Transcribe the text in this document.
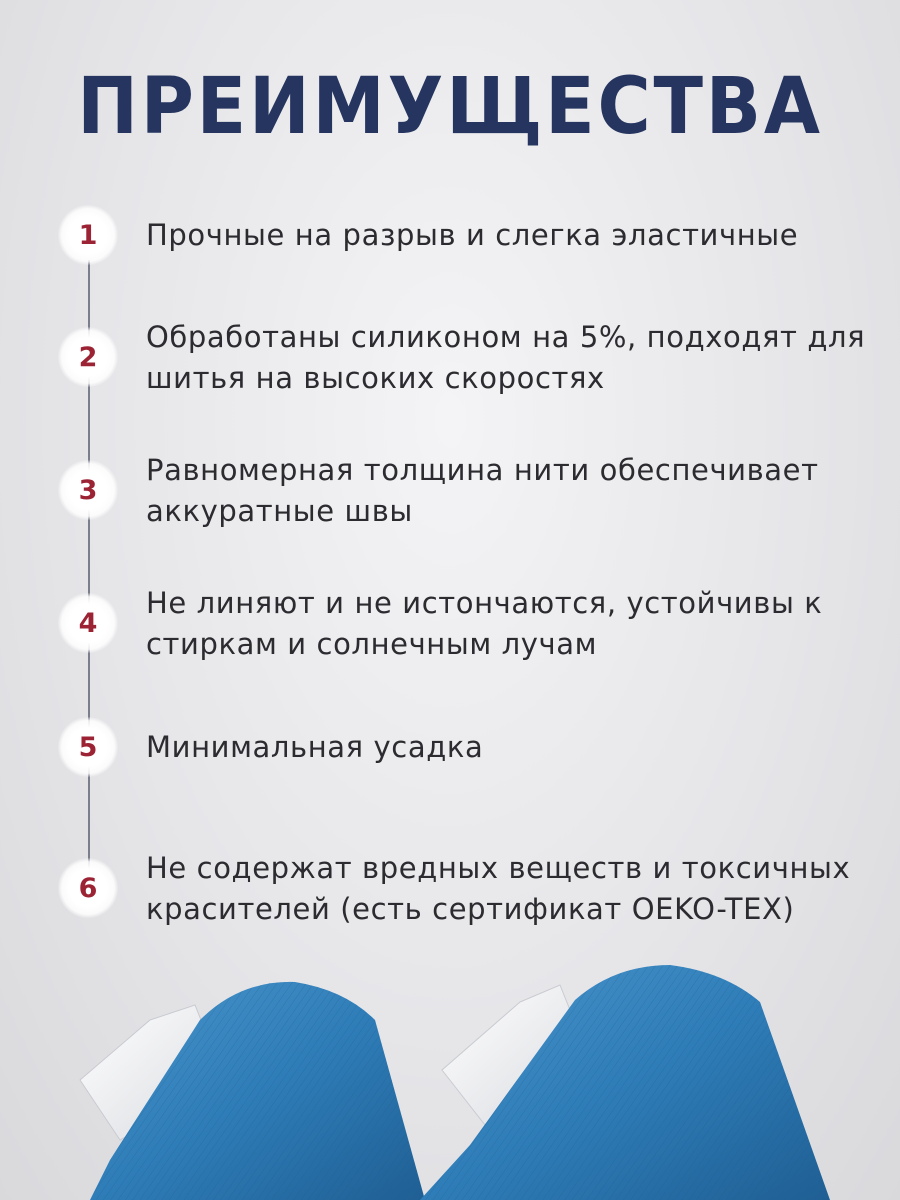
ПРЕИМУЩЕСТВА
1 Прочные на разрыв и слегка эластичные
2
Обработаны силиконом на 5%, подходят для шитья на высоких скоростях
3
Равномерная толщина нити обеспечивает аккуратные швы
4
Не линяют и не истончаются, устойчивы к стиркам и солнечным лучам
5 Минимальная усадка
6
Не содержат вредных веществ и токсичных красителей (есть сертификат OEKO-TEX)
